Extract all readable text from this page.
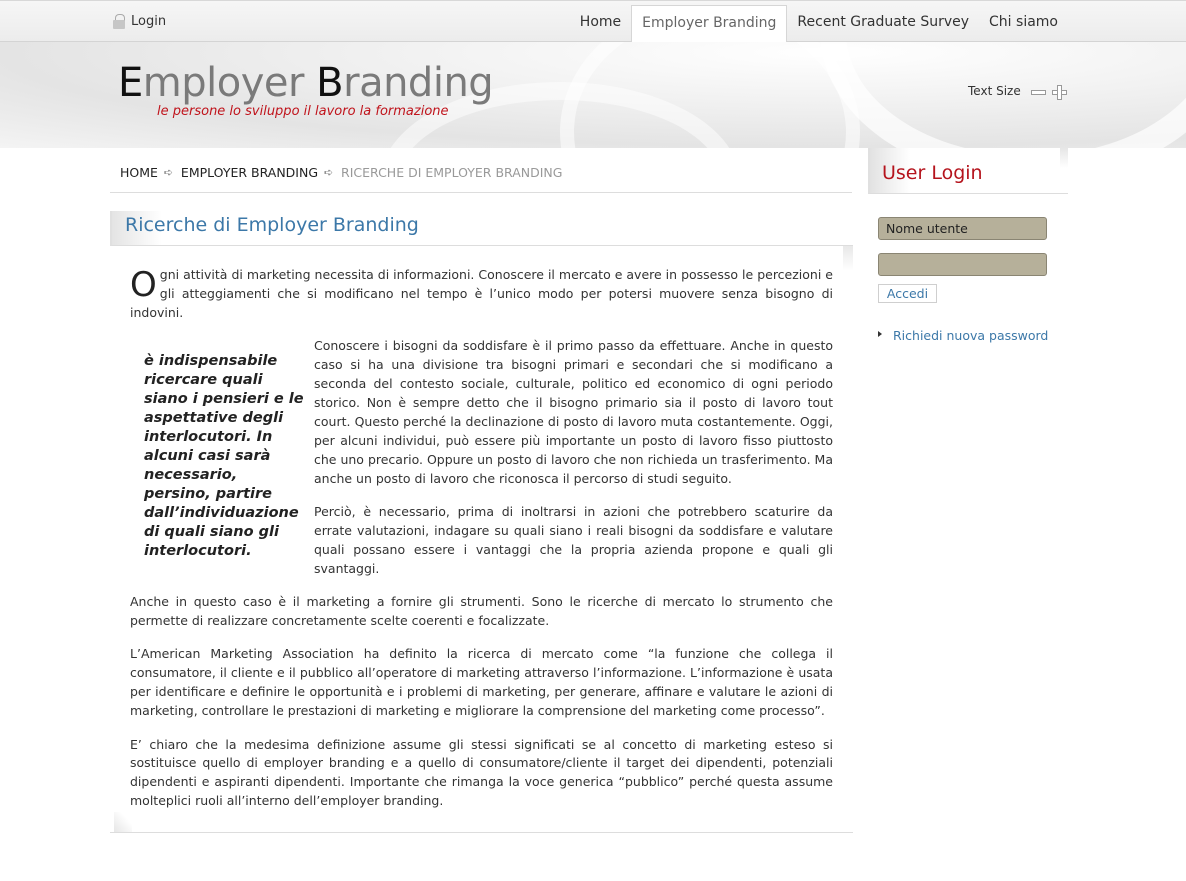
Login	Home	Employer Branding	Recent Graduate Survey	Chi siamo
Employer Branding
le persone lo sviluppo il lavoro la formazione
Text Size
HOME ➪ EMPLOYER BRANDING ➪ RICERCHE DI EMPLOYER BRANDING
Ricerche di Employer Branding

Ogni attività di marketing necessita di informazioni. Conoscere il mercato e avere in possesso le percezioni e gli atteggiamenti che si modificano nel tempo è l’unico modo per potersi muovere senza bisogno di indovini.

è indispensabile ricercare quali siano i pensieri e le aspettative degli interlocutori. In alcuni casi sarà necessario, persino, partire dall’individuazione di quali siano gli interlocutori.

Conoscere i bisogni da soddisfare è il primo passo da effettuare. Anche in questo caso si ha una divisione tra bisogni primari e secondari che si modificano a seconda del contesto sociale, culturale, politico ed economico di ogni periodo storico. Non è sempre detto che il bisogno primario sia il posto di lavoro tout court. Questo perché la declinazione di posto di lavoro muta costantemente. Oggi, per alcuni individui, può essere più importante un posto di lavoro fisso piuttosto che uno precario. Oppure un posto di lavoro che non richieda un trasferimento. Ma anche un posto di lavoro che riconosca il percorso di studi seguito.

Perciò, è necessario, prima di inoltrarsi in azioni che potrebbero scaturire da errate valutazioni, indagare su quali siano i reali bisogni da soddisfare e valutare quali possano essere i vantaggi che la propria azienda propone e quali gli svantaggi.

Anche in questo caso è il marketing a fornire gli strumenti. Sono le ricerche di mercato lo strumento che permette di realizzare concretamente scelte coerenti e focalizzate.

L’American Marketing Association ha definito la ricerca di mercato come “la funzione che collega il consumatore, il cliente e il pubblico all’operatore di marketing attraverso l’informazione. L’informazione è usata per identificare e definire le opportunità e i problemi di marketing, per generare, affinare e valutare le azioni di marketing, controllare le prestazioni di marketing e migliorare la comprensione del marketing come processo”.

E’ chiaro che la medesima definizione assume gli stessi significati se al concetto di marketing esteso si sostituisce quello di employer branding e a quello di consumatore/cliente il target dei dipendenti, potenziali dipendenti e aspiranti dipendenti. Importante che rimanga la voce generica “pubblico” perché questa assume molteplici ruoli all’interno dell’employer branding.

User Login
Nome utente
Accedi
Richiedi nuova password
